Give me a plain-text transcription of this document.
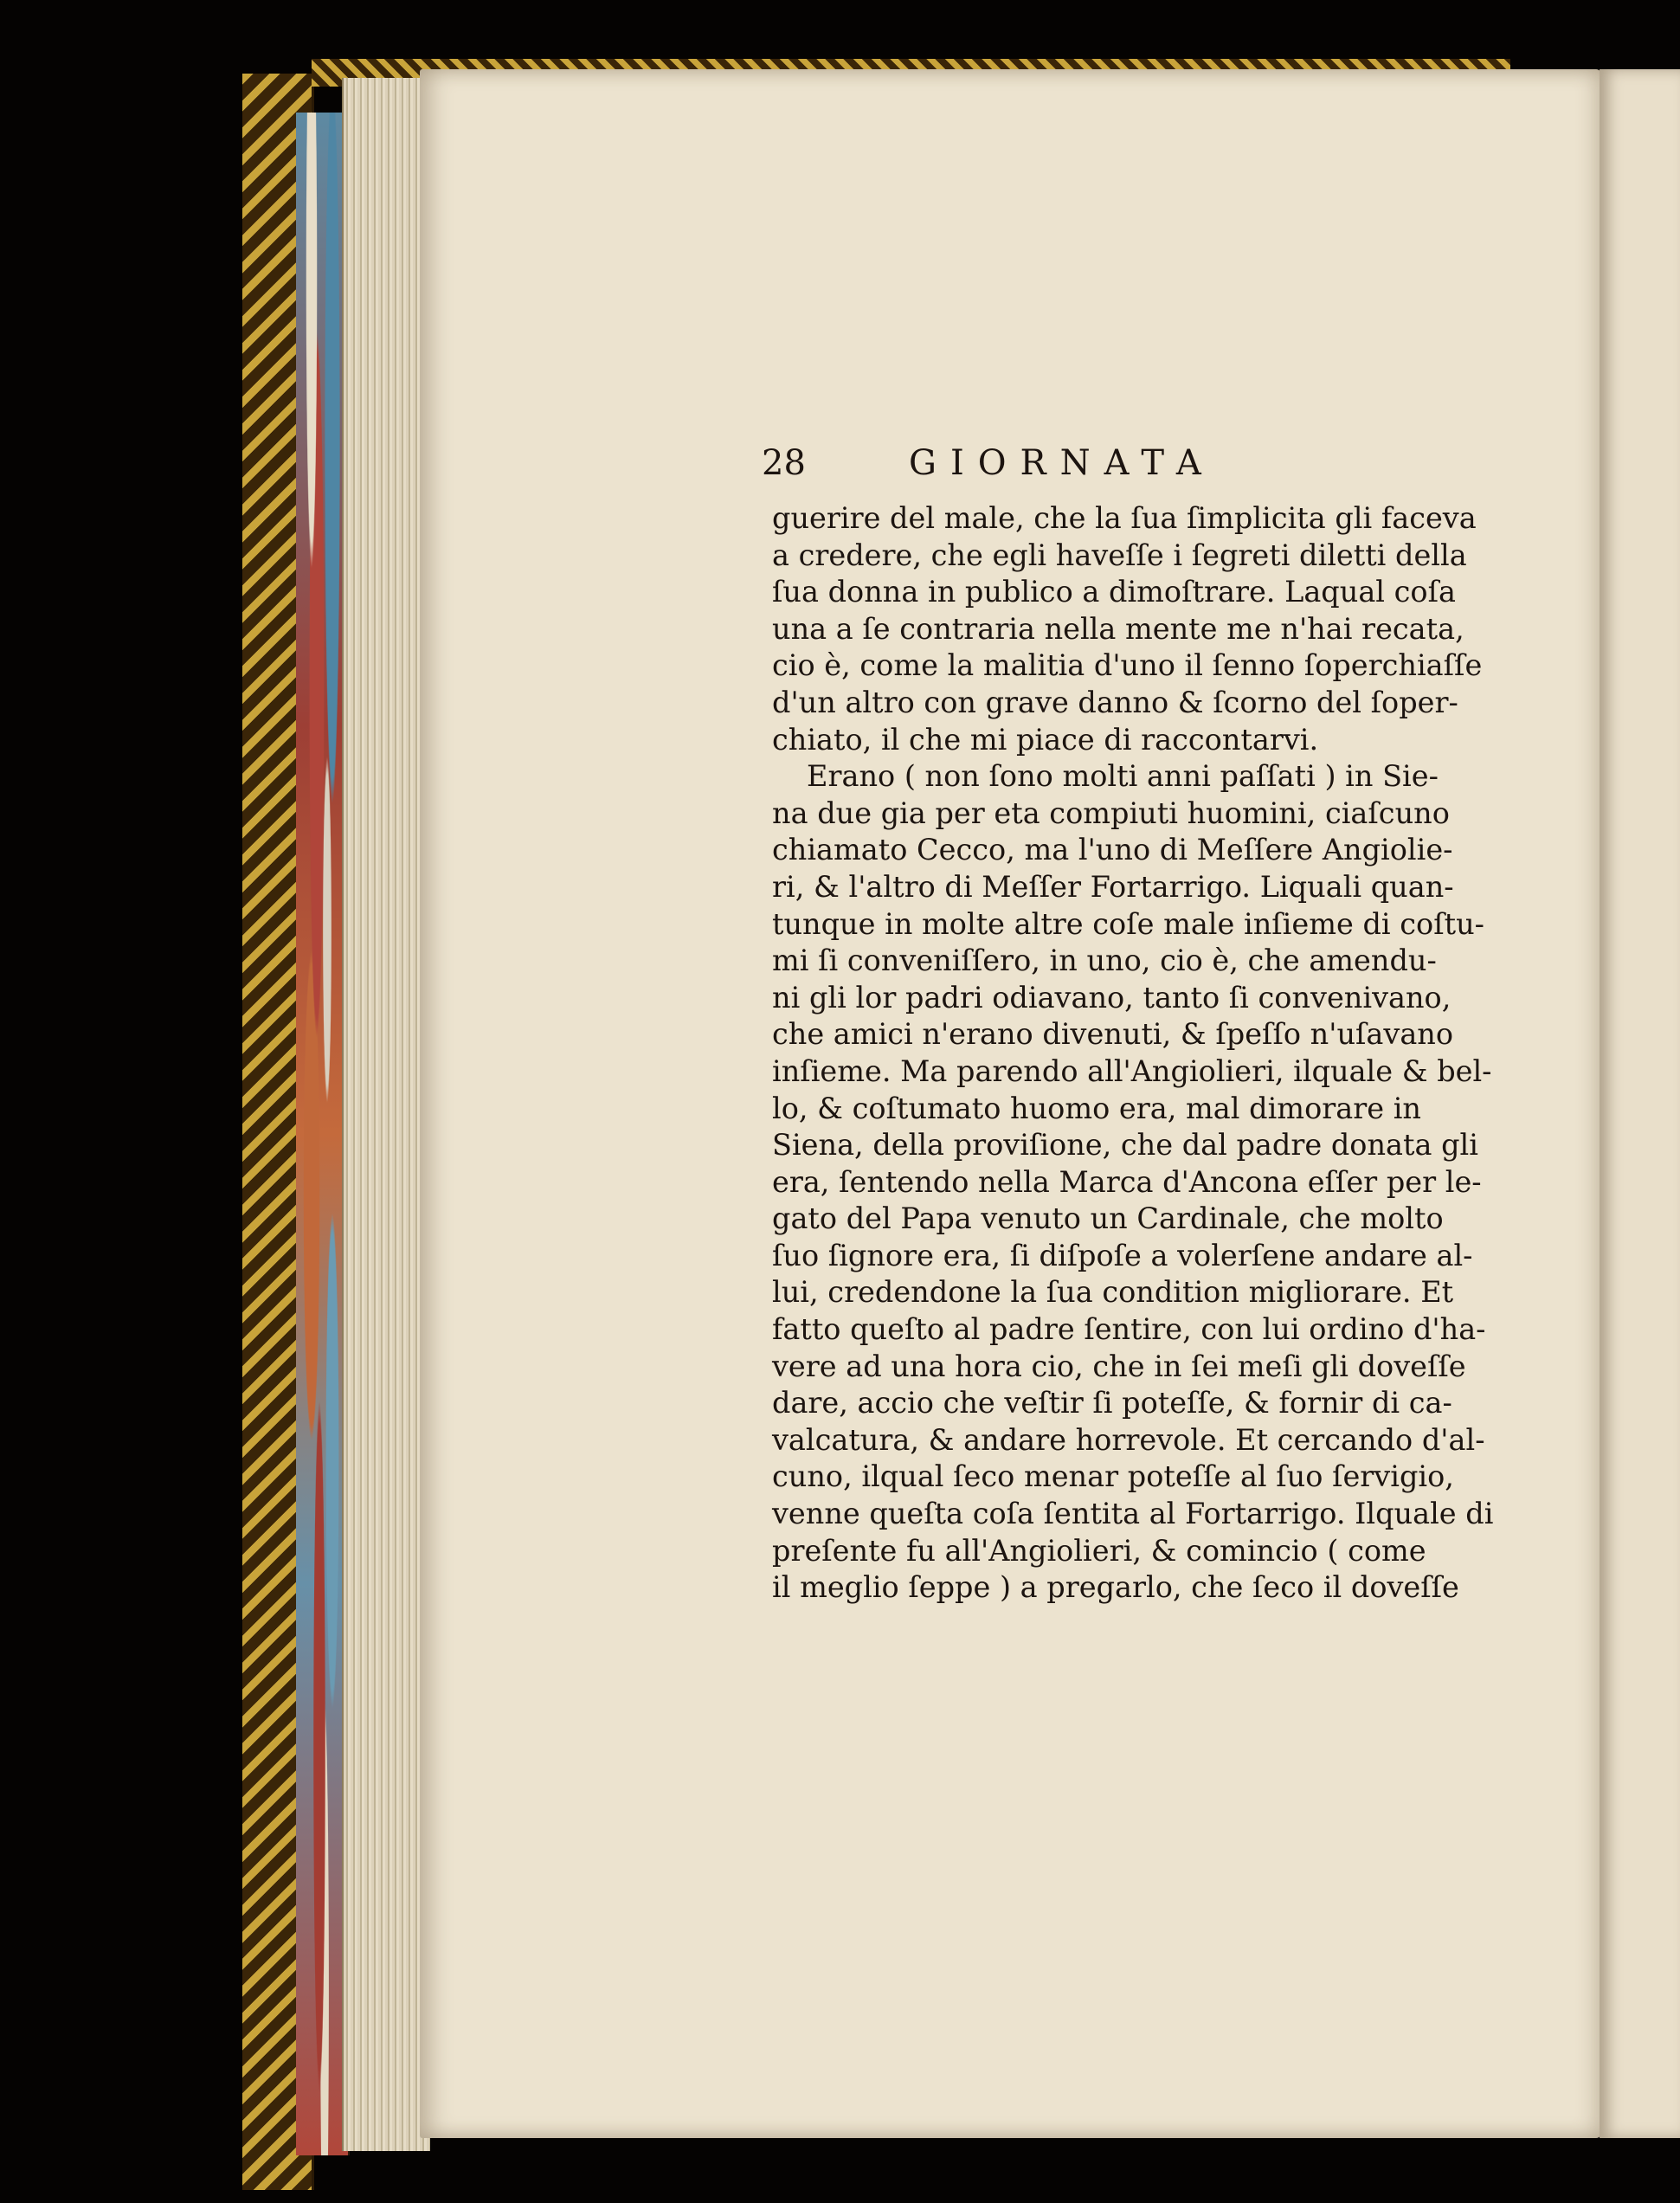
28	GIORNATA
guerire del male, che la ſua ſimplicita gli faceva
a credere, che egli haveſſe i ſegreti diletti della
ſua donna in publico a dimoſtrare. Laqual coſa
una a ſe contraria nella mente me n'hai recata,
cio è, come la malitia d'uno il ſenno ſoperchiaſſe
d'un altro con grave danno & ſcorno del ſoper-
chiato, il che mi piace di raccontarvi.
Erano ( non ſono molti anni paſſati ) in Sie-
na due gia per eta compiuti huomini, ciaſcuno
chiamato Cecco, ma l'uno di Meſſere Angiolie-
ri, & l'altro di Meſſer Fortarrigo. Liquali quan-
tunque in molte altre coſe male inſieme di coſtu-
mi ſi conveniſſero, in uno, cio è, che amendu-
ni gli lor padri odiavano, tanto ſi convenivano,
che amici n'erano divenuti, & ſpeſſo n'uſavano
inſieme. Ma parendo all'Angiolieri, ilquale & bel-
lo, & coſtumato huomo era, mal dimorare in
Siena, della proviſione, che dal padre donata gli
era, ſentendo nella Marca d'Ancona eſſer per le-
gato del Papa venuto un Cardinale, che molto
ſuo ſignore era, ſi diſpoſe a volerſene andare al-
lui, credendone la ſua condition migliorare. Et
fatto queſto al padre ſentire, con lui ordino d'ha-
vere ad una hora cio, che in ſei meſi gli doveſſe
dare, accio che veſtir ſi poteſſe, & fornir di ca-
valcatura, & andare horrevole. Et cercando d'al-
cuno, ilqual ſeco menar poteſſe al ſuo ſervigio,
venne queſta coſa ſentita al Fortarrigo. Ilquale di
preſente fu all'Angiolieri, & comincio ( come
il meglio ſeppe ) a pregarlo, che ſeco il doveſſe
